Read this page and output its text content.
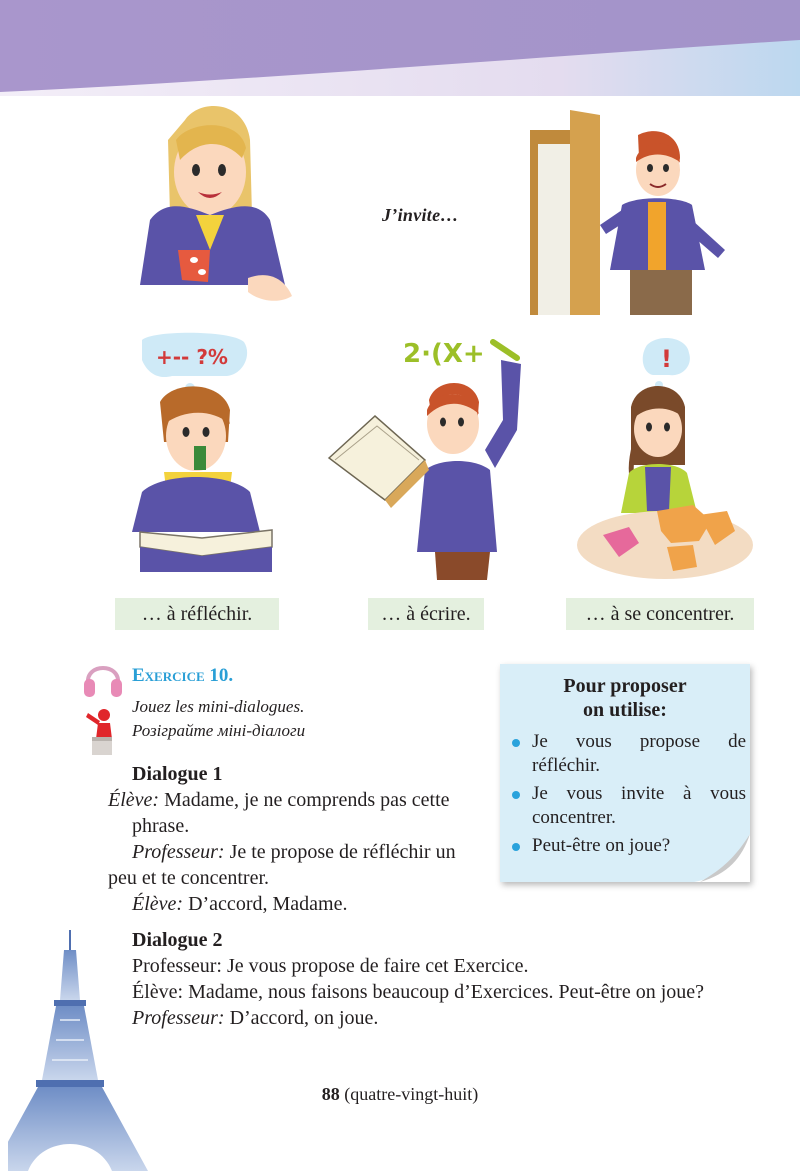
J’invite…
+-- ?%	2·(X+	!
… à réfléchir.	… à écrire.	… à se concentrer.
Exercice 10.
Jouez les mini-dialogues.
Розіграйте міні-діалоги

Dialogue 1

Élève: Madame, je ne comprends pas cette phrase.

Professeur: Je te propose de réfléchir un peu et te concentrer.

Élève: D’accord, Madame.

Pour proposer
on utilise:
Je vous propose de réfléchir.
Je vous invite à vous concentrer.
Peut-être on joue?

Dialogue 2

Professeur: Je vous propose de faire cet Exercice.

Élève: Madame, nous faisons beaucoup d’Exercices. Peut-être on joue?

Professeur: D’accord, on joue.

88 (quatre-vingt-huit)
